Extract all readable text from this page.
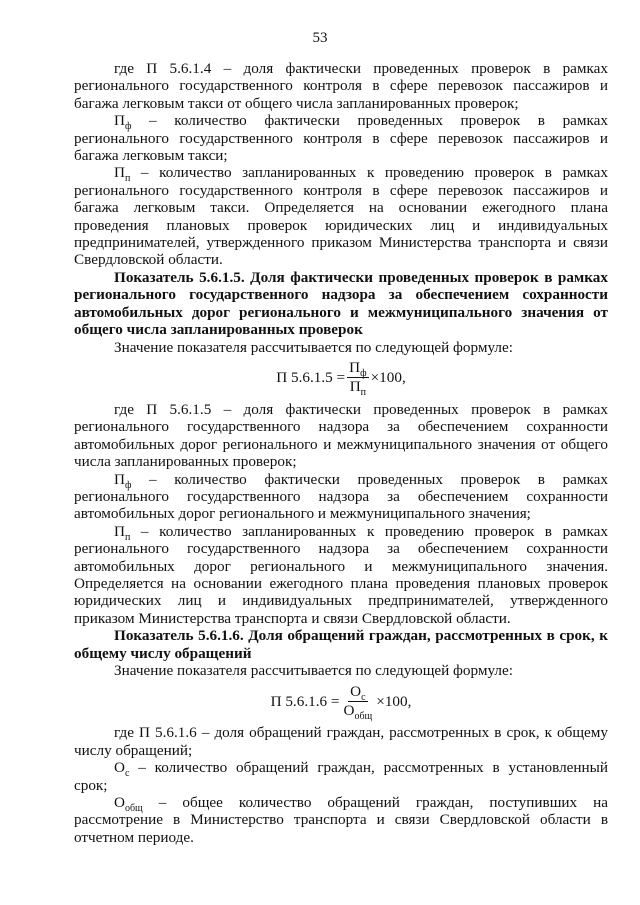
53

где П 5.6.1.4 – доля фактически проведенных проверок в рамках регионального государственного контроля в сфере перевозок пассажиров и багажа легковым такси от общего числа запланированных проверок;

$П_ф$ – количество фактически проведенных проверок в рамках регионального государственного контроля в сфере перевозок пассажиров и багажа легковым такси;

$П_п$ – количество запланированных к проведению проверок в рамках регионального государственного контроля в сфере перевозок пассажиров и багажа легковым такси. Определяется на основании ежегодного плана проведения плановых проверок юридических лиц и индивидуальных предпринимателей, утвержденного приказом Министерства транспорта и связи Свердловской области.

Показатель 5.6.1.5. Доля фактически проведенных проверок в рамках регионального государственного надзора за обеспечением сохранности автомобильных дорог регионального и межмуниципального значения от общего числа запланированных проверок

Значение показателя рассчитывается по следующей формуле:

П $5.6.1.5 = \frac{П_ф}{П_п} \times 100$,

где П 5.6.1.5 – доля фактически проведенных проверок в рамках регионального государственного надзора за обеспечением сохранности автомобильных дорог регионального и межмуниципального значения от общего числа запланированных проверок;

$П_ф$ – количество фактически проведенных проверок в рамках регионального государственного надзора за обеспечением сохранности автомобильных дорог регионального и межмуниципального значения;

$П_п$ – количество запланированных к проведению проверок в рамках регионального государственного надзора за обеспечением сохранности автомобильных дорог регионального и межмуниципального значения. Определяется на основании ежегодного плана проведения плановых проверок юридических лиц и индивидуальных предпринимателей, утвержденного приказом Министерства транспорта и связи Свердловской области.

Показатель 5.6.1.6. Доля обращений граждан, рассмотренных в срок, к общему числу обращений

Значение показателя рассчитывается по следующей формуле:

П $5.6.1.6 = \frac{О_с}{О_{общ}} \times 100$,

где П 5.6.1.6 – доля обращений граждан, рассмотренных в срок, к общему числу обращений;

$О_с$ – количество обращений граждан, рассмотренных в установленный срок;

$О_{общ}$ – общее количество обращений граждан, поступивших на рассмотрение в Министерство транспорта и связи Свердловской области в отчетном периоде.
